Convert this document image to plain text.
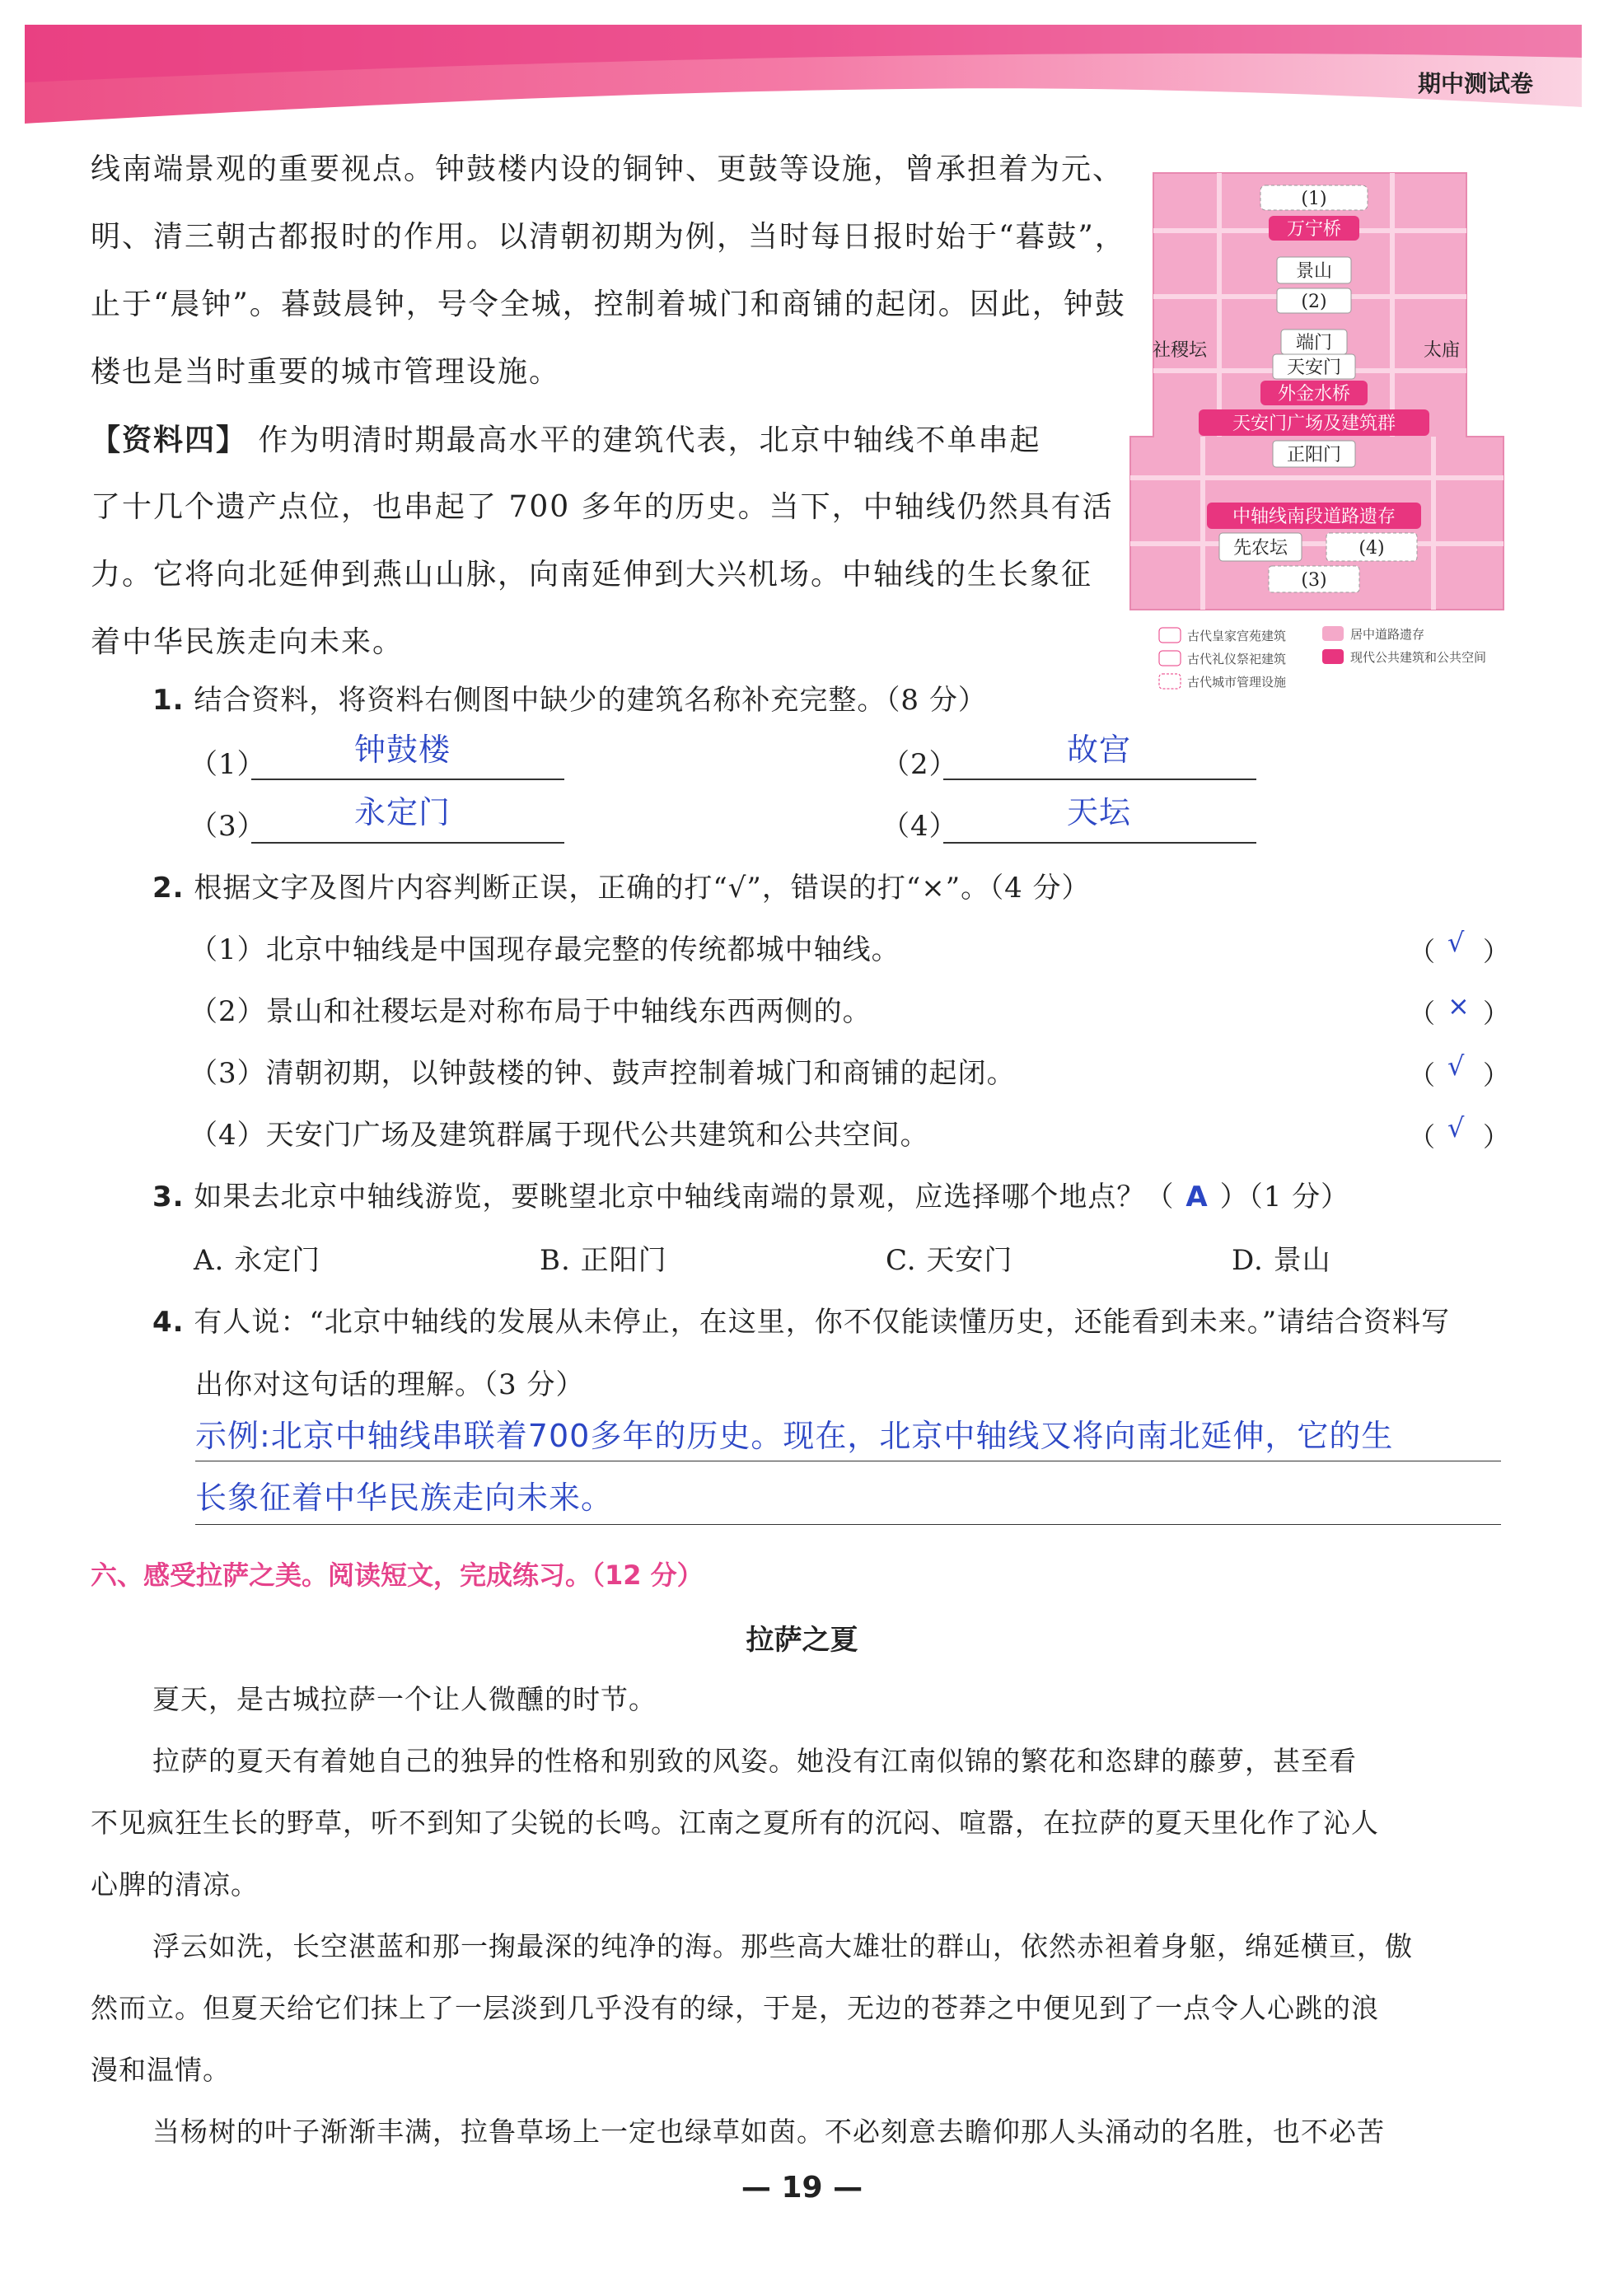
期中测试卷
线南端景观的重要视点。钟鼓楼内设的铜钟、更鼓等设施，曾承担着为元、
明、清三朝古都报时的作用。以清朝初期为例，当时每日报时始于“暮鼓”，
止于“晨钟”。暮鼓晨钟，号令全城，控制着城门和商铺的起闭。因此，钟鼓
楼也是当时重要的城市管理设施。
【资料四】 作为明清时期最高水平的建筑代表，北京中轴线不单串起
了十几个遗产点位，也串起了 700 多年的历史。当下，中轴线仍然具有活
力。它将向北延伸到燕山山脉，向南延伸到大兴机场。中轴线的生长象征
着中华民族走向未来。
(1)
万宁桥
景山
(2)
社稷坛	端门	太庙
天安门
外金水桥
天安门广场及建筑群
正阳门
中轴线南段道路遗存
先农坛	(4)
(3)
古代皇家宫苑建筑	居中道路遗存
古代礼仪祭祀建筑	现代公共建筑和公共空间
古代城市管理设施
1. 结合资料，将资料右侧图中缺少的建筑名称补充完整。（8 分）
（1）	钟鼓楼	（2）	故宫
（3）	永定门	（4）	天坛
2. 根据文字及图片内容判断正误，正确的打“√”，错误的打“×”。（4 分）
（1）北京中轴线是中国现存最完整的传统都城中轴线。	（ √ ）
（2）景山和社稷坛是对称布局于中轴线东西两侧的。	（ × ）
（3）清朝初期，以钟鼓楼的钟、鼓声控制着城门和商铺的起闭。	（ √ ）
（4）天安门广场及建筑群属于现代公共建筑和公共空间。	（ √ ）
3. 如果去北京中轴线游览，要眺望北京中轴线南端的景观，应选择哪个地点？（ A ）（1 分）
A. 永定门	B. 正阳门	C. 天安门	D. 景山
4. 有人说：“北京中轴线的发展从未停止，在这里，你不仅能读懂历史，还能看到未来。”请结合资料写
出你对这句话的理解。（3 分）
示例:北京中轴线串联着700多年的历史。现在，北京中轴线又将向南北延伸，它的生
长象征着中华民族走向未来。
六、感受拉萨之美。阅读短文，完成练习。（12 分）
拉萨之夏
夏天，是古城拉萨一个让人微醺的时节。
拉萨的夏天有着她自己的独异的性格和别致的风姿。她没有江南似锦的繁花和恣肆的藤萝，甚至看
不见疯狂生长的野草，听不到知了尖锐的长鸣。江南之夏所有的沉闷、喧嚣，在拉萨的夏天里化作了沁人
心脾的清凉。
浮云如洗，长空湛蓝和那一掬最深的纯净的海。那些高大雄壮的群山，依然赤袒着身躯，绵延横亘，傲
然而立。但夏天给它们抹上了一层淡到几乎没有的绿，于是，无边的苍莽之中便见到了一点令人心跳的浪
漫和温情。
当杨树的叶子渐渐丰满，拉鲁草场上一定也绿草如茵。不必刻意去瞻仰那人头涌动的名胜，也不必苦
— 19 —
